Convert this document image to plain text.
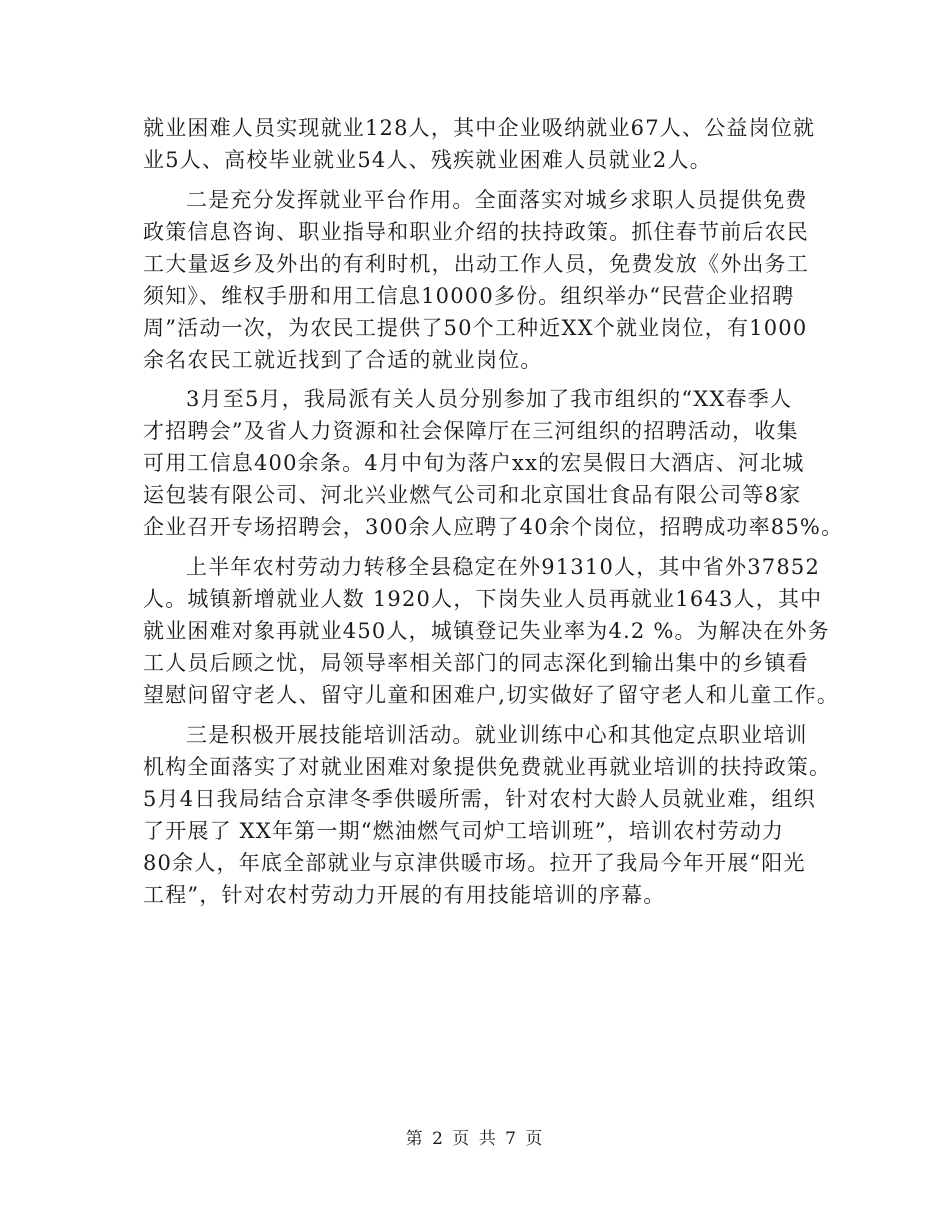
就业困难人员实现就业128人，其中企业吸纳就业67人、公益岗位就
业5人、高校毕业就业54人、残疾就业困难人员就业2人。
二是充分发挥就业平台作用。全面落实对城乡求职人员提供免费
政策信息咨询、职业指导和职业介绍的扶持政策。抓住春节前后农民
工大量返乡及外出的有利时机，出动工作人员，免费发放《外出务工
须知》、维权手册和用工信息10000多份。组织举办“民营企业招聘
周”活动一次，为农民工提供了50个工种近XX个就业岗位，有1000
余名农民工就近找到了合适的就业岗位。
3月至5月，我局派有关人员分别参加了我市组织的“XX春季人
才招聘会”及省人力资源和社会保障厅在三河组织的招聘活动，收集
可用工信息400余条。4月中旬为落户xx的宏昊假日大酒店、河北城
运包装有限公司、河北兴业燃气公司和北京国壮食品有限公司等8家
企业召开专场招聘会，300余人应聘了40余个岗位，招聘成功率85%。
上半年农村劳动力转移全县稳定在外91310人，其中省外37852
人。城镇新增就业人数 1920人，下岗失业人员再就业1643人，其中
就业困难对象再就业450人，城镇登记失业率为4.2 %。为解决在外务
工人员后顾之忧，局领导率相关部门的同志深化到输出集中的乡镇看
望慰问留守老人、留守儿童和困难户,切实做好了留守老人和儿童工作。
三是积极开展技能培训活动。就业训练中心和其他定点职业培训
机构全面落实了对就业困难对象提供免费就业再就业培训的扶持政策。
5月4日我局结合京津冬季供暖所需，针对农村大龄人员就业难，组织
了开展了 XX年第一期“燃油燃气司炉工培训班”，培训农村劳动力
80余人，年底全部就业与京津供暖市场。拉开了我局今年开展“阳光
工程”，针对农村劳动力开展的有用技能培训的序幕。
第 2 页 共 7 页
